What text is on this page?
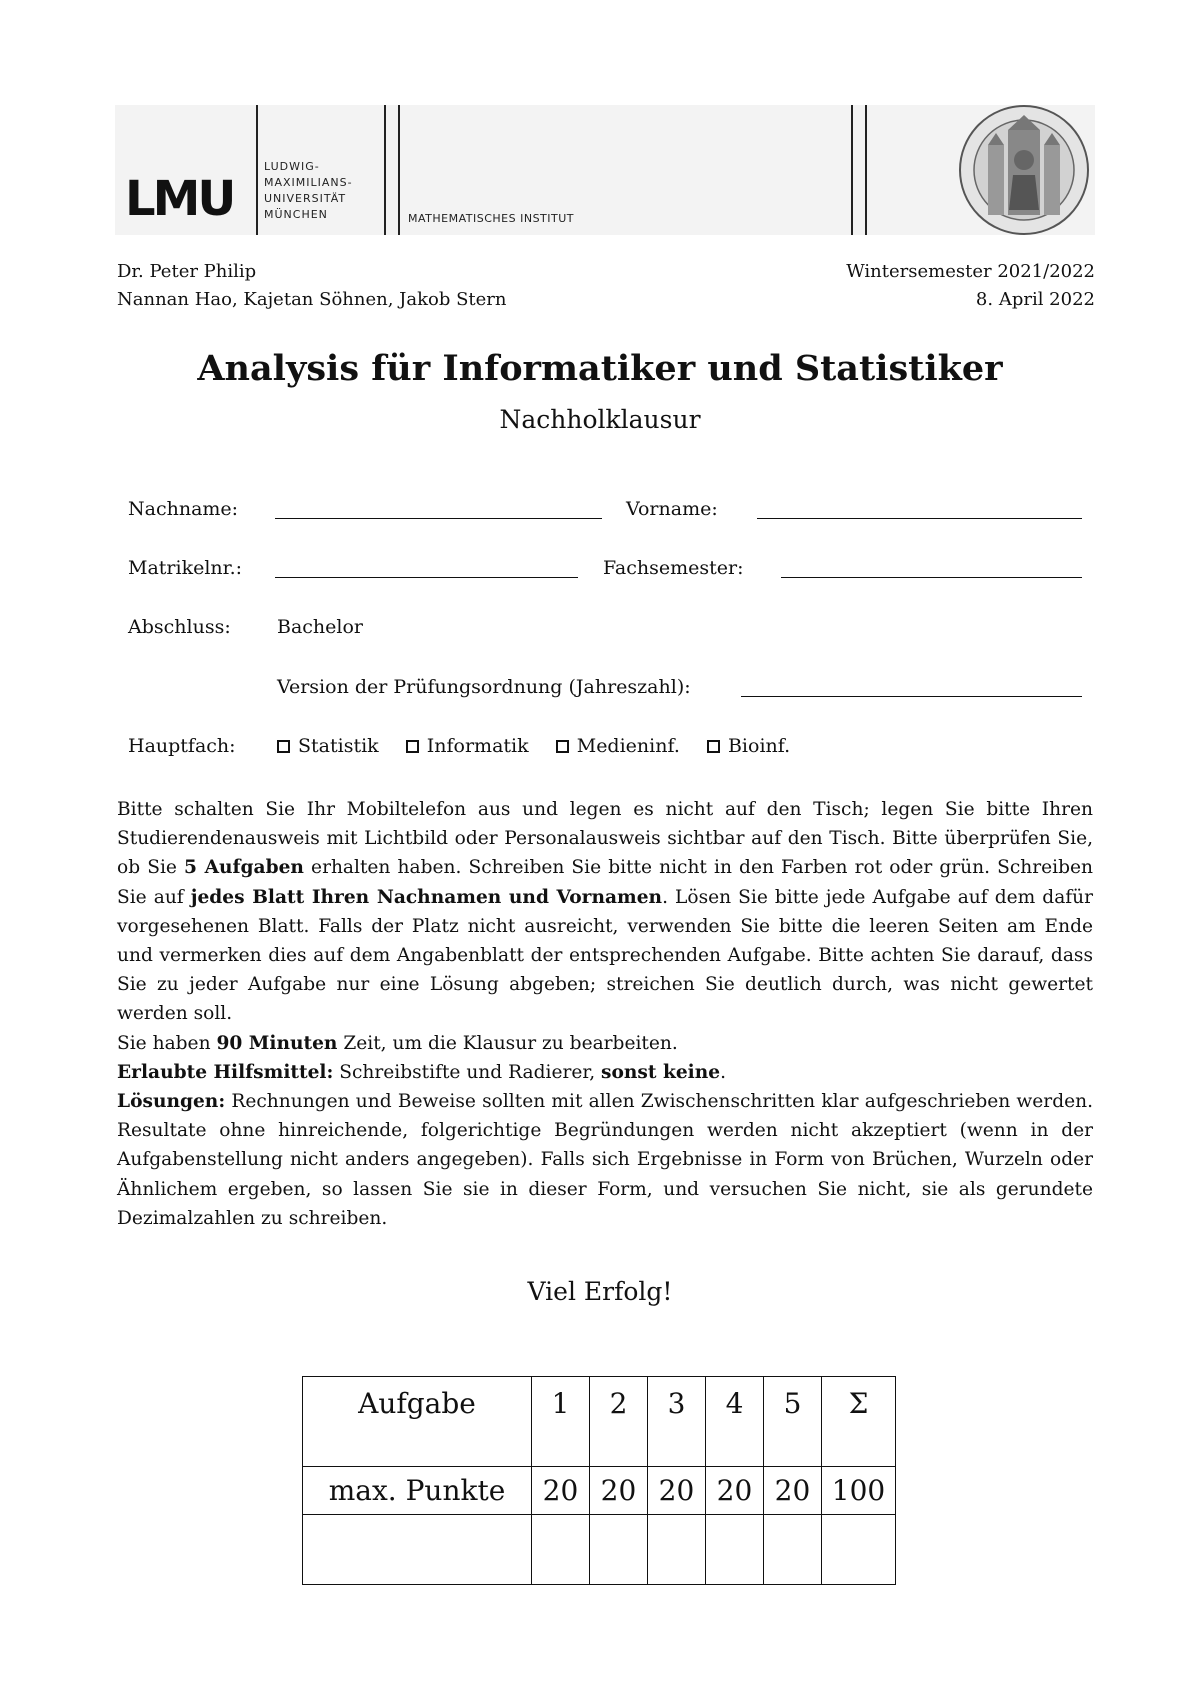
LMU
LUDWIG-
MAXIMILIANS-
UNIVERSITÄT
MÜNCHEN	MATHEMATISCHES INSTITUT
Dr. Peter Philip
Nannan Hao, Kajetan Söhnen, Jakob Stern
Wintersemester 2021/2022
8. April 2022
Analysis für Informatiker und Statistiker
Nachholklausur
Nachname:	Vorname:
Matrikelnr.:	Fachsemester:
Abschluss: Bachelor
Version der Prüfungsordnung (Jahreszahl):
Hauptfach:	Statistik	Informatik	Medieninf.	Bioinf.

Bitte schalten Sie Ihr Mobiltelefon aus und legen es nicht auf den Tisch; legen Sie bitte Ihren Studierendenausweis mit Lichtbild oder Personalausweis sichtbar auf den Tisch. Bitte überprüfen Sie, ob Sie 5 Aufgaben erhalten haben. Schreiben Sie bitte nicht in den Farben rot oder grün. Schreiben Sie auf jedes Blatt Ihren Nachnamen und Vornamen. Lösen Sie bitte jede Aufgabe auf dem dafür vorgesehenen Blatt. Falls der Platz nicht ausreicht, verwenden Sie bitte die leeren Seiten am Ende und vermerken dies auf dem Angabenblatt der entsprechenden Aufgabe. Bitte achten Sie darauf, dass Sie zu jeder Aufgabe nur eine Lösung abgeben; streichen Sie deutlich durch, was nicht gewertet werden soll.

Sie haben 90 Minuten Zeit, um die Klausur zu bearbeiten.

Erlaubte Hilfsmittel: Schreibstifte und Radierer, sonst keine.

Lösungen: Rechnungen und Beweise sollten mit allen Zwischenschritten klar aufgeschrieben werden. Resultate ohne hinreichende, folgerichtige Begründungen werden nicht akzeptiert (wenn in der Aufgabenstellung nicht anders angegeben). Falls sich Ergebnisse in Form von Brüchen, Wurzeln oder Ähnlichem ergeben, so lassen Sie sie in dieser Form, und versuchen Sie nicht, sie als gerundete Dezimalzahlen zu schreiben.

Viel Erfolg!
Aufgabe	1	2	3	4	5	Σ
max. Punkte	20	20	20	20	20	100
